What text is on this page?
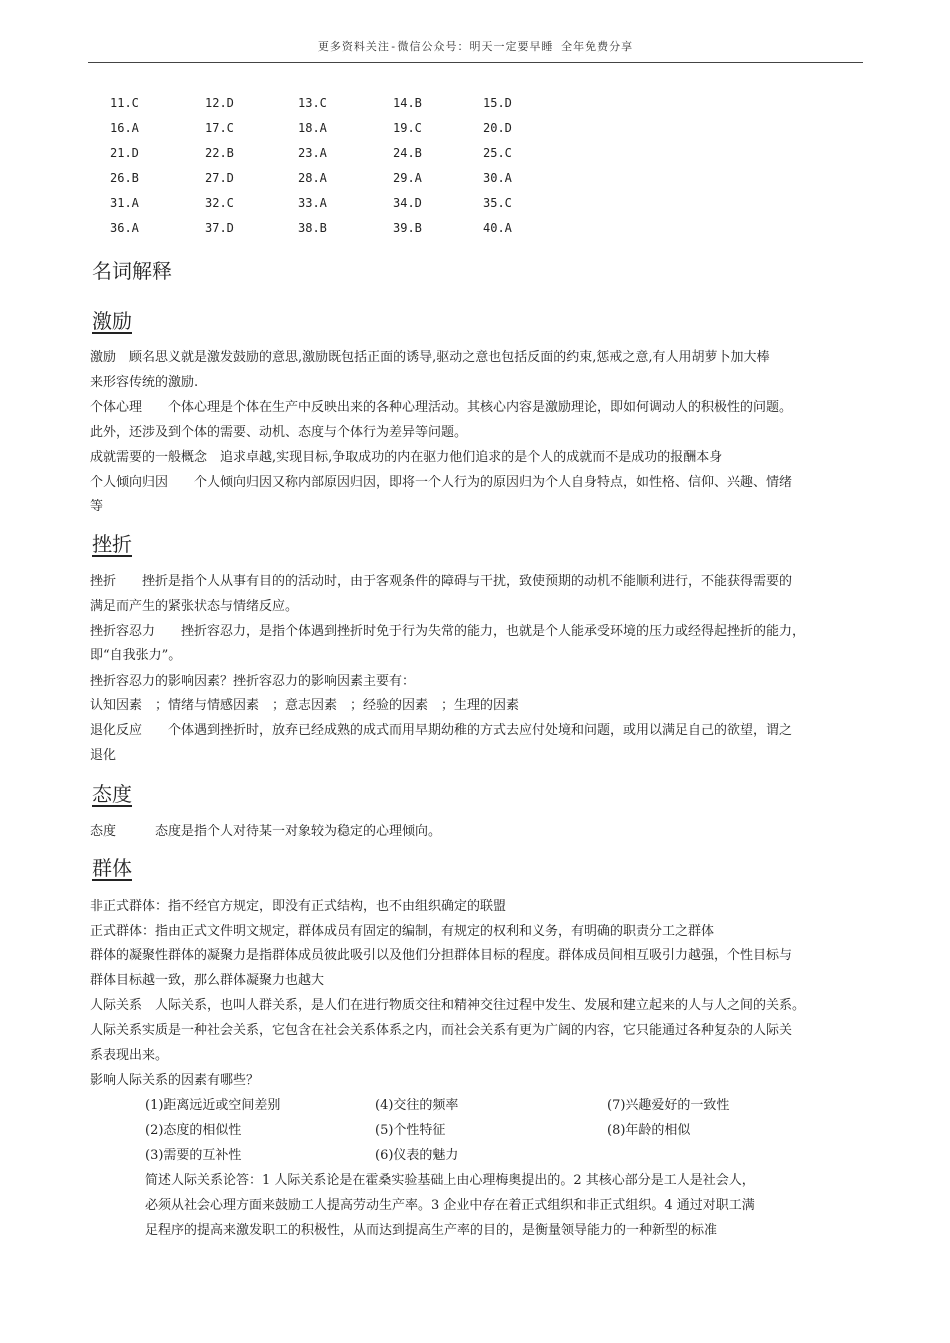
更多资料关注-微信公众号：明天一定要早睡 全年免费分享
11.C	12.D	13.C	14.B	15.D
16.A	17.C	18.A	19.C	20.D
21.D	22.B	23.A	24.B	25.C
26.B	27.D	28.A	29.A	30.A
31.A	32.C	33.A	34.D	35.C
36.A	37.D	38.B	39.B	40.A
名词解释
激励
激励　顾名思义就是激发鼓励的意思,激励既包括正面的诱导,驱动之意也包括反面的约束,惩戒之意,有人用胡萝卜加大棒
来形容传统的激励.
个体心理　　个体心理是个体在生产中反映出来的各种心理活动。其核心内容是激励理论，即如何调动人的积极性的问题。
此外，还涉及到个体的需要、动机、态度与个体行为差异等问题。
成就需要的一般概念　追求卓越,实现目标,争取成功的内在驱力他们追求的是个人的成就而不是成功的报酬本身
个人倾向归因　　个人倾向归因又称内部原因归因，即将一个人行为的原因归为个人自身特点，如性格、信仰、兴趣、情绪
等
挫折
挫折　　挫折是指个人从事有目的的活动时，由于客观条件的障碍与干扰，致使预期的动机不能顺利进行，不能获得需要的
满足而产生的紧张状态与情绪反应。
挫折容忍力　　挫折容忍力，是指个体遇到挫折时免于行为失常的能力，也就是个人能承受环境的压力或经得起挫折的能力，
即“自我张力”。
挫折容忍力的影响因素？挫折容忍力的影响因素主要有：
认知因素　；情绪与情感因素　；意志因素　；经验的因素　；生理的因素
退化反应　　个体遇到挫折时，放弃已经成熟的成式而用早期幼稚的方式去应付处境和问题，或用以满足自己的欲望，谓之
退化
态度
态度　　　态度是指个人对待某一对象较为稳定的心理倾向。
群体
非正式群体：指不经官方规定，即没有正式结构，也不由组织确定的联盟
正式群体：指由正式文件明文规定，群体成员有固定的编制，有规定的权利和义务，有明确的职责分工之群体
群体的凝聚性群体的凝聚力是指群体成员彼此吸引以及他们分担群体目标的程度。群体成员间相互吸引力越强，个性目标与
群体目标越一致，那么群体凝聚力也越大
人际关系　人际关系，也叫人群关系，是人们在进行物质交往和精神交往过程中发生、发展和建立起来的人与人之间的关系。
人际关系实质是一种社会关系，它包含在社会关系体系之内，而社会关系有更为广阔的内容，它只能通过各种复杂的人际关
系表现出来。
影响人际关系的因素有哪些？
(1)距离远近或空间差别	(4)交往的频率	(7)兴趣爱好的一致性
(2)态度的相似性	(5)个性特征	(8)年龄的相似
(3)需要的互补性	(6)仪表的魅力
简述人际关系论答：1 人际关系论是在霍桑实验基础上由心理梅奥提出的。2 其核心部分是工人是社会人，
必须从社会心理方面来鼓励工人提高劳动生产率。3 企业中存在着正式组织和非正式组织。4 通过对职工满
足程序的提高来激发职工的积极性，从而达到提高生产率的目的，是衡量领导能力的一种新型的标准
